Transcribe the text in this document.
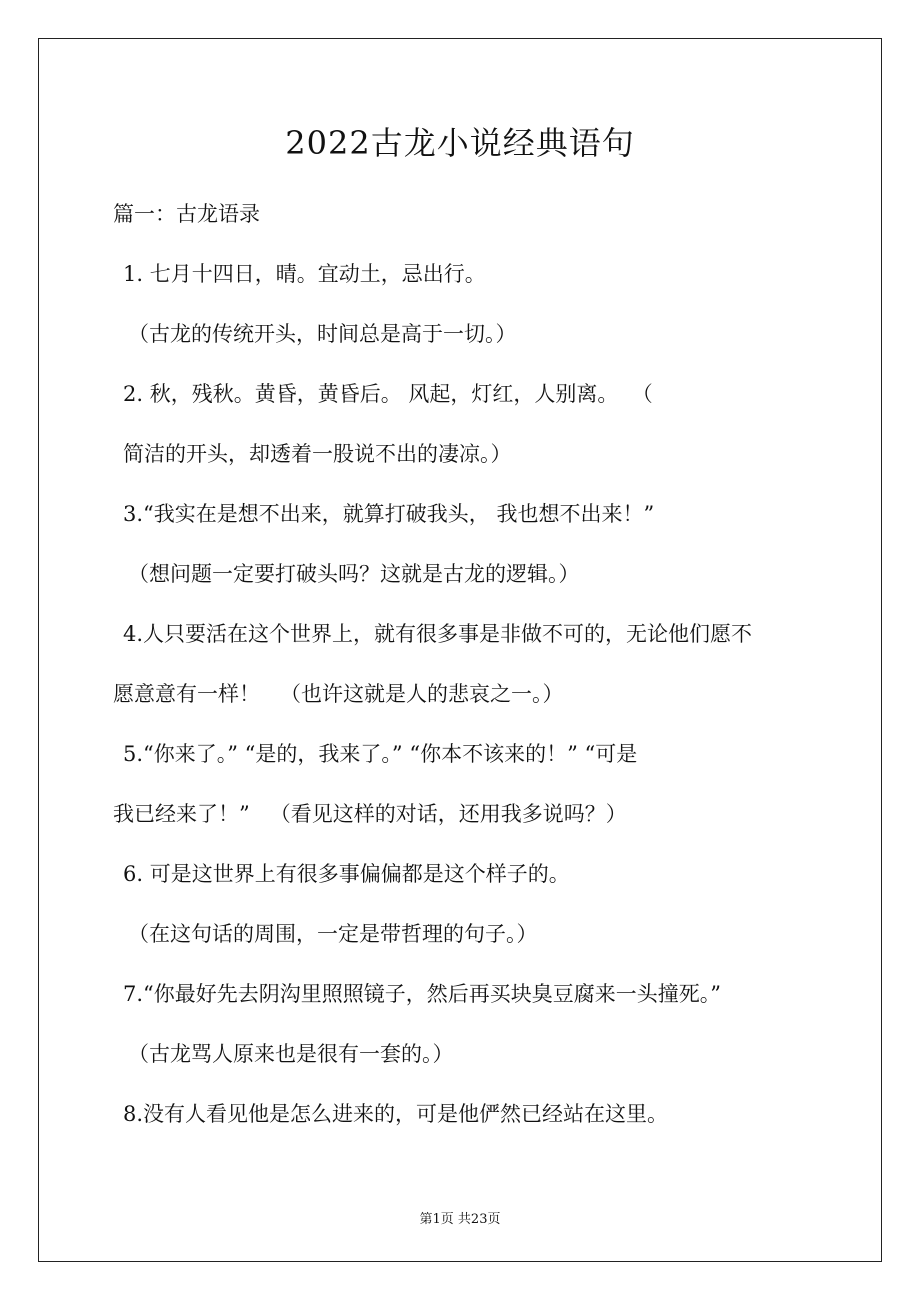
2022古龙小说经典语句
篇一：古龙语录
1. 七月十四日，晴。宜动土，忌出行。
（古龙的传统开头，时间总是高于一切。）
2. 秋，残秋。黄昏，黄昏后。 风起，灯红，人别离。  （
简洁的开头，却透着一股说不出的凄凉。）
3.“我实在是想不出来，就算打破我头， 我也想不出来！”
（想问题一定要打破头吗？这就是古龙的逻辑。）
4.人只要活在这个世界上，就有很多事是非做不可的，无论他们愿不
愿意意有一样！   （也许这就是人的悲哀之一。）
5.“你来了。” “是的，我来了。” “你本不该来的！” “可是
我已经来了！”   （看见这样的对话，还用我多说吗？）
6. 可是这世界上有很多事偏偏都是这个样子的。
（在这句话的周围，一定是带哲理的句子。）
7.“你最好先去阴沟里照照镜子，然后再买块臭豆腐来一头撞死。”
（古龙骂人原来也是很有一套的。）
8.没有人看见他是怎么进来的，可是他俨然已经站在这里。
第1页 共23页
